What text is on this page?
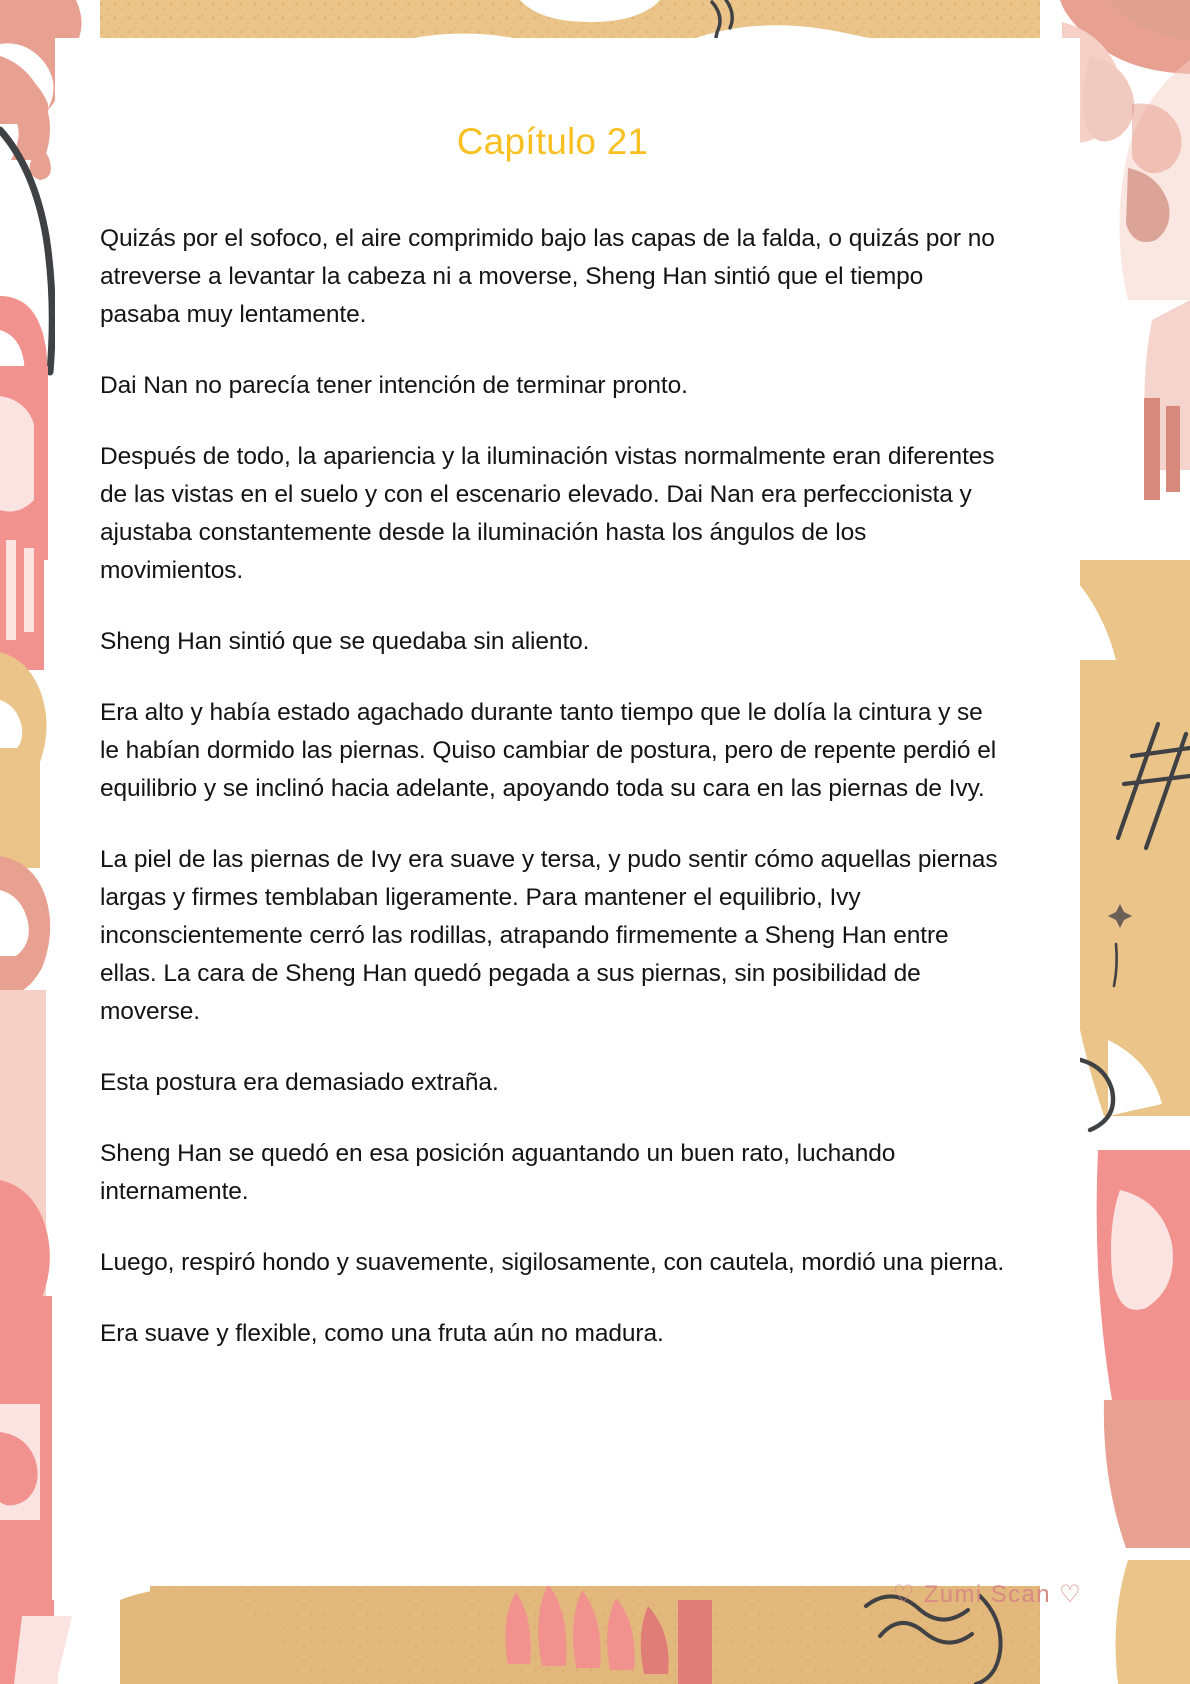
Capítulo 21

Quizás por el sofoco, el aire comprimido bajo las capas de la falda, o quizás por no atreverse a levantar la cabeza ni a moverse, Sheng Han sintió que el tiempo pasaba muy lentamente.

Dai Nan no parecía tener intención de terminar pronto.

Después de todo, la apariencia y la iluminación vistas normalmente eran diferentes de las vistas en el suelo y con el escenario elevado. Dai Nan era perfeccionista y ajustaba constantemente desde la iluminación hasta los ángulos de los movimientos.

Sheng Han sintió que se quedaba sin aliento.

Era alto y había estado agachado durante tanto tiempo que le dolía la cintura y se le habían dormido las piernas. Quiso cambiar de postura, pero de repente perdió el equilibrio y se inclinó hacia adelante, apoyando toda su cara en las piernas de Ivy.

La piel de las piernas de Ivy era suave y tersa, y pudo sentir cómo aquellas piernas largas y firmes temblaban ligeramente. Para mantener el equilibrio, Ivy inconscientemente cerró las rodillas, atrapando firmemente a Sheng Han entre ellas. La cara de Sheng Han quedó pegada a sus piernas, sin posibilidad de moverse.

Esta postura era demasiado extraña.

Sheng Han se quedó en esa posición aguantando un buen rato, luchando internamente.

Luego, respiró hondo y suavemente, sigilosamente, con cautela, mordió una pierna.

Era suave y flexible, como una fruta aún no madura.

♡ Zumi Scan ♡
